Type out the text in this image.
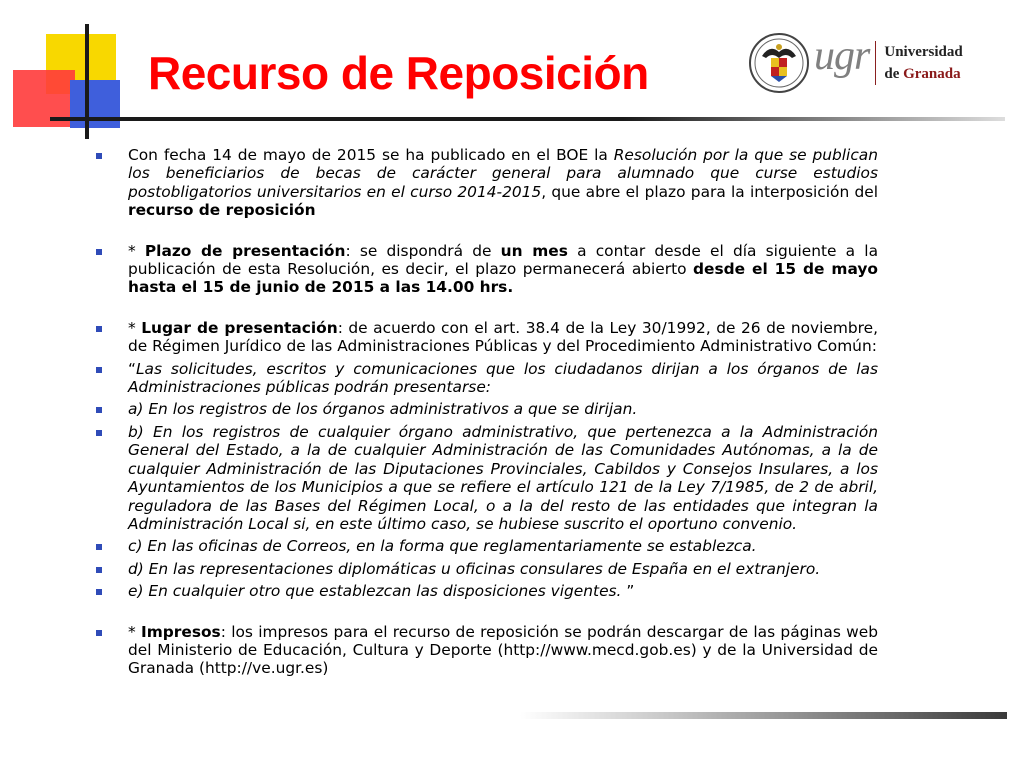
Recurso de Reposición	ugr Universidad
de Granada
Con fecha 14 de mayo de 2015 se ha publicado en el BOE la Resolución por la que se publican los beneficiarios de becas de carácter general para alumnado que curse estudios postobligatorios universitarios en el curso 2014-2015, que abre el plazo para la interposición del recurso de reposición
* Plazo de presentación: se dispondrá de un mes a contar desde el día siguiente a la publicación de esta Resolución, es decir, el plazo permanecerá abierto desde el 15 de mayo hasta el 15 de junio de 2015 a las 14.00 hrs.
* Lugar de presentación: de acuerdo con el art. 38.4 de la Ley 30/1992, de 26 de noviembre, de Régimen Jurídico de las Administraciones Públicas y del Procedimiento Administrativo Común:
“Las solicitudes, escritos y comunicaciones que los ciudadanos dirijan a los órganos de las Administraciones públicas podrán presentarse:
a) En los registros de los órganos administrativos a que se dirijan.
b) En los registros de cualquier órgano administrativo, que pertenezca a la Administración General del Estado, a la de cualquier Administración de las Comunidades Autónomas, a la de cualquier Administración de las Diputaciones Provinciales, Cabildos y Consejos Insulares, a los Ayuntamientos de los Municipios a que se refiere el artículo 121 de la Ley 7/1985, de 2 de abril, reguladora de las Bases del Régimen Local, o a la del resto de las entidades que integran la Administración Local si, en este último caso, se hubiese suscrito el oportuno convenio.
c) En las oficinas de Correos, en la forma que reglamentariamente se establezca.
d) En las representaciones diplomáticas u oficinas consulares de España en el extranjero.
e) En cualquier otro que establezcan las disposiciones vigentes. ”
* Impresos: los impresos para el recurso de reposición se podrán descargar de las páginas web del Ministerio de Educación, Cultura y Deporte (http://www.mecd.gob.es) y de la Universidad de Granada (http://ve.ugr.es)
